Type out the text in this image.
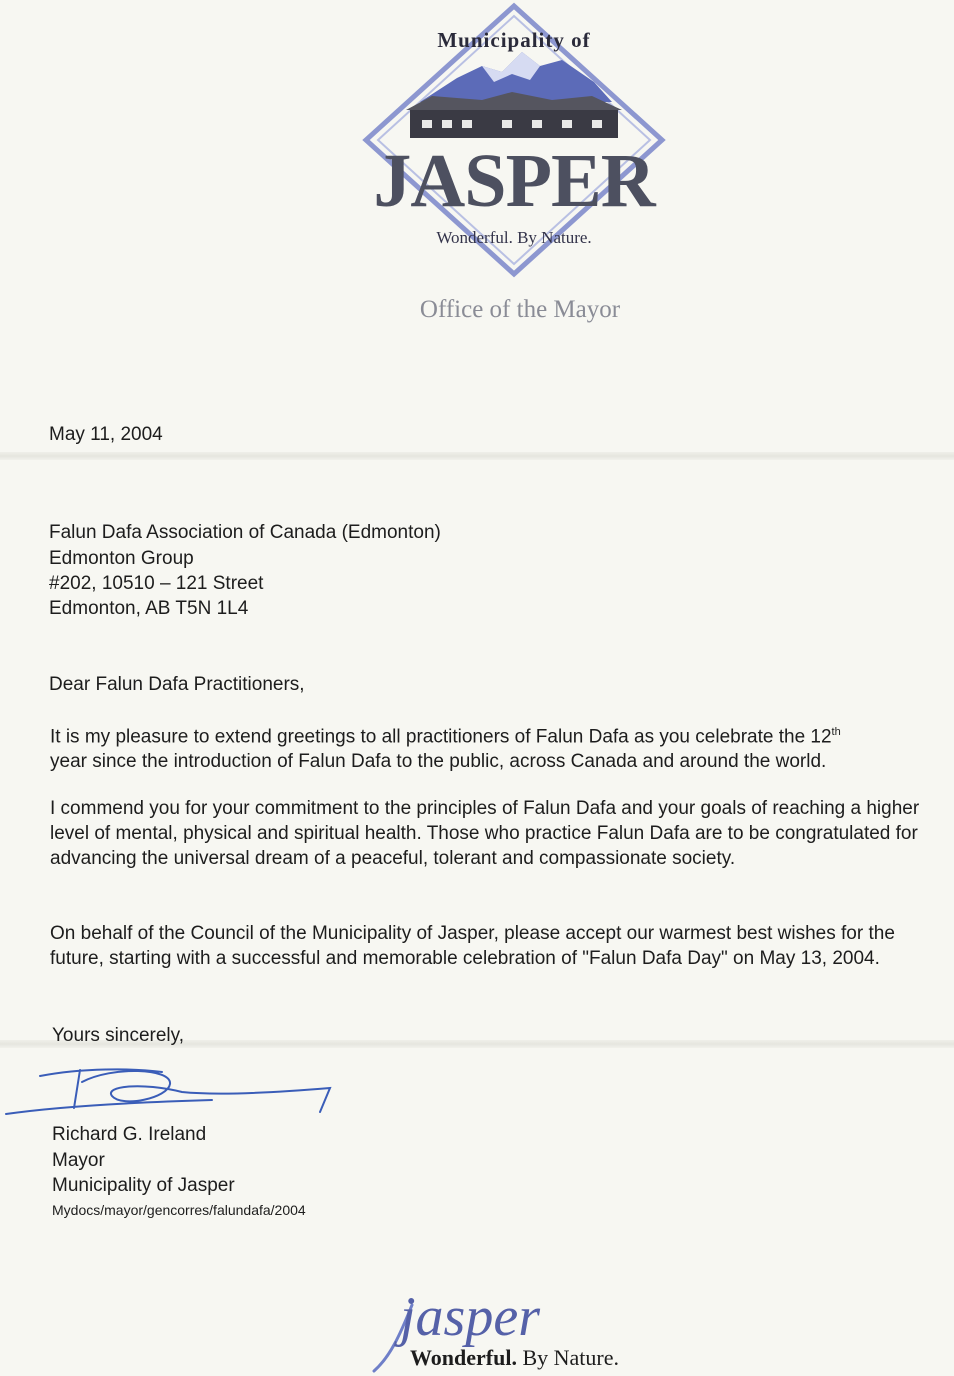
Municipality of
JASPER
Wonderful. By Nature.
Office of the Mayor
May 11, 2004
Falun Dafa Association of Canada (Edmonton)
Edmonton Group
#202, 10510 – 121 Street
Edmonton, AB T5N 1L4
Dear Falun Dafa Practitioners,

It is my pleasure to extend greetings to all practitioners of Falun Dafa as you celebrate the 12th

year since the introduction of Falun Dafa to the public, across Canada and around the world.

I commend you for your commitment to the principles of Falun Dafa and your goals of reaching a higher level of mental, physical and spiritual health. Those who practice Falun Dafa are to be congratulated for advancing the universal dream of a peaceful, tolerant and compassionate society.
On behalf of the Council of the Municipality of Jasper, please accept our warmest best wishes for the future, starting with a successful and memorable celebration of "Falun Dafa Day" on May 13, 2004.
Yours sincerely,
Richard G. Ireland
Mayor
Municipality of Jasper
Mydocs/mayor/gencorres/falundafa/2004
jasper
Wonderful. By Nature.
